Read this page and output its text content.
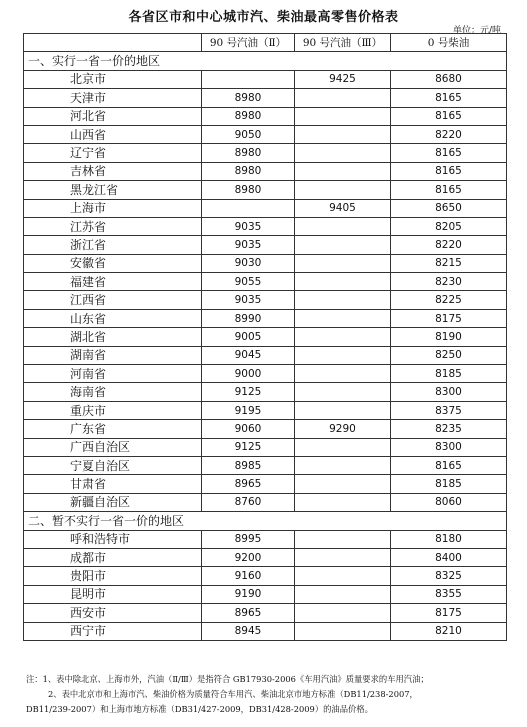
各省区市和中心城市汽、柴油最高零售价格表
单位：元/吨
	90 号汽油（Ⅱ）	90 号汽油（Ⅲ）	0 号柴油
一、实行一省一价的地区			
北京市		9425	8680
天津市	8980		8165
河北省	8980		8165
山西省	9050		8220
辽宁省	8980		8165
吉林省	8980		8165
黑龙江省	8980		8165
上海市		9405	8650
江苏省	9035		8205
浙江省	9035		8220
安徽省	9030		8215
福建省	9055		8230
江西省	9035		8225
山东省	8990		8175
湖北省	9005		8190
湖南省	9045		8250
河南省	9000		8185
海南省	9125		8300
重庆市	9195		8375
广东省	9060	9290	8235
广西自治区	9125		8300
宁夏自治区	8985		8165
甘肃省	8965		8185
新疆自治区	8760		8060
二、暂不实行一省一价的地区			
呼和浩特市	8995		8180
成都市	9200		8400
贵阳市	9160		8325
昆明市	9190		8355
西安市	8965		8175
西宁市	8945		8210
注：1、表中除北京、上海市外，汽油（Ⅱ/Ⅲ）是指符合 GB17930-2006《车用汽油》质量要求的车用汽油；
2、表中北京市和上海市汽、柴油价格为质量符合车用汽、柴油北京市地方标准（DB11/238-2007，
DB11/239-2007）和上海市地方标准（DB31/427-2009，DB31/428-2009）的油品价格。
